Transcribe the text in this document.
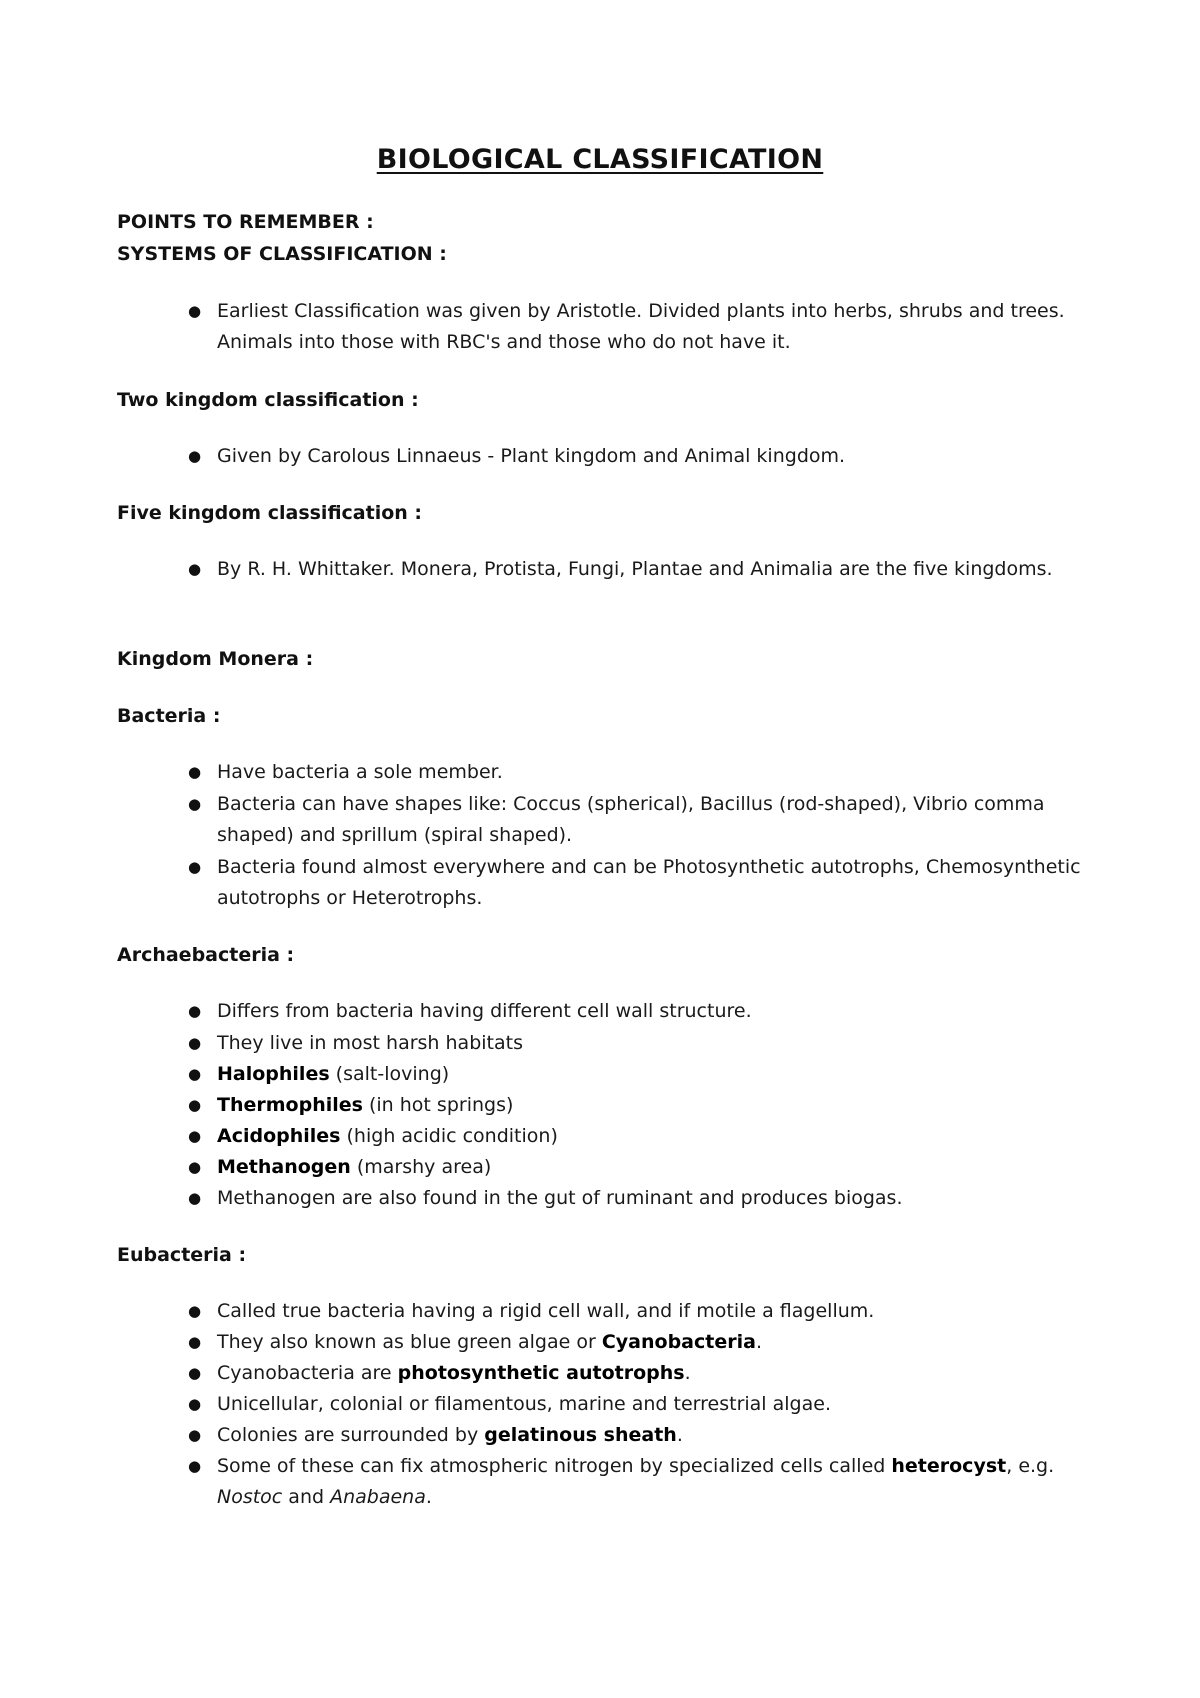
BIOLOGICAL CLASSIFICATION
POINTS TO REMEMBER :
SYSTEMS OF CLASSIFICATION :
● Earliest Classification was given by Aristotle. Divided plants into herbs, shrubs and trees. Animals into those with RBC's and those who do not have it.
Two kingdom classification :
● Given by Carolous Linnaeus - Plant kingdom and Animal kingdom.
Five kingdom classification :
● By R. H. Whittaker. Monera, Protista, Fungi, Plantae and Animalia are the five kingdoms.
Kingdom Monera :
Bacteria :
● Have bacteria a sole member.
● Bacteria can have shapes like: Coccus (spherical), Bacillus (rod-shaped), Vibrio comma shaped) and sprillum (spiral shaped).
● Bacteria found almost everywhere and can be Photosynthetic autotrophs, Chemosynthetic autotrophs or Heterotrophs.
Archaebacteria :
● Differs from bacteria having different cell wall structure.
● They live in most harsh habitats
● Halophiles (salt-loving)
● Thermophiles (in hot springs)
● Acidophiles (high acidic condition)
● Methanogen (marshy area)
● Methanogen are also found in the gut of ruminant and produces biogas.
Eubacteria :
● Called true bacteria having a rigid cell wall, and if motile a flagellum.
● They also known as blue green algae or Cyanobacteria.
● Cyanobacteria are photosynthetic autotrophs.
● Unicellular, colonial or filamentous, marine and terrestrial algae.
● Colonies are surrounded by gelatinous sheath.
● Some of these can fix atmospheric nitrogen by specialized cells called heterocyst, e.g. Nostoc and Anabaena.
